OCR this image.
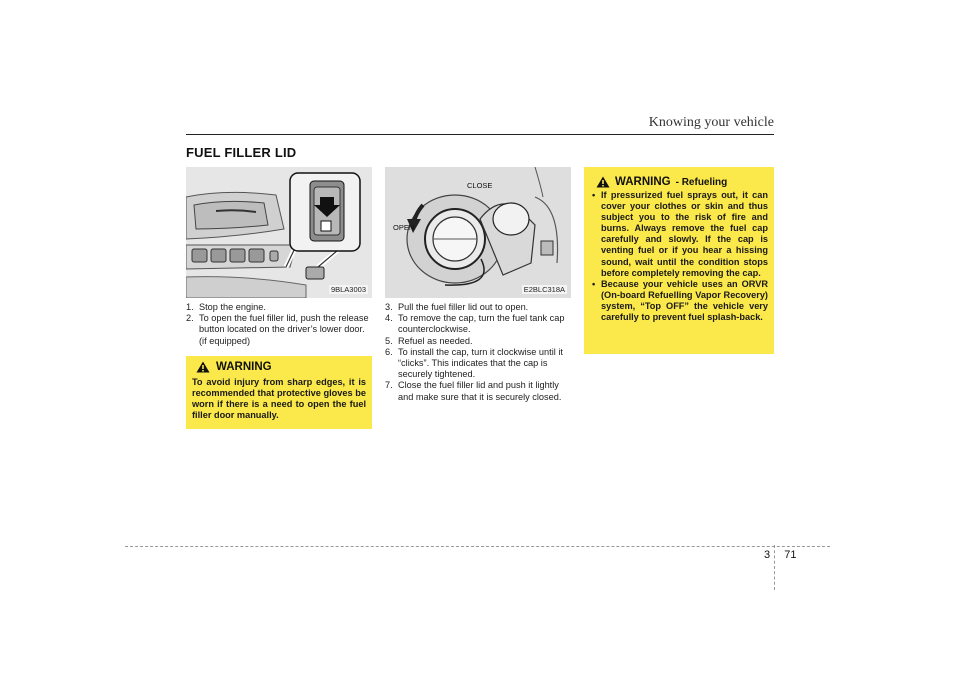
Knowing your vehicle
FUEL FILLER LID
9BLA3003
CLOSE
OPEN
E2BLC318A
1. Stop the engine.
2. To open the fuel filler lid, push the release button located on the driver’s lower door. (if equipped)
3. Pull the fuel filler lid out to open.
4. To remove the cap, turn the fuel tank cap counterclockwise.
5. Refuel as needed.
6. To install the cap, turn it clockwise until it “clicks”. This indicates that the cap is securely tightened.
7. Close the fuel filler lid and push it lightly and make sure that it is securely closed.
WARNING
To avoid injury from sharp edges, it is recommended that protective gloves be worn if there is a need to open the fuel filler door manually.
WARNING - Refueling
• If pressurized fuel sprays out, it can cover your clothes or skin and thus subject you to the risk of fire and burns. Always remove the fuel cap carefully and slowly. If the cap is venting fuel or if you hear a hissing sound, wait until the condition stops before completely removing the cap.
• Because your vehicle uses an ORVR (On-board Refuelling Vapor Recovery) system, “Top OFF” the vehicle very carefully to prevent fuel splash-back.
3 71
